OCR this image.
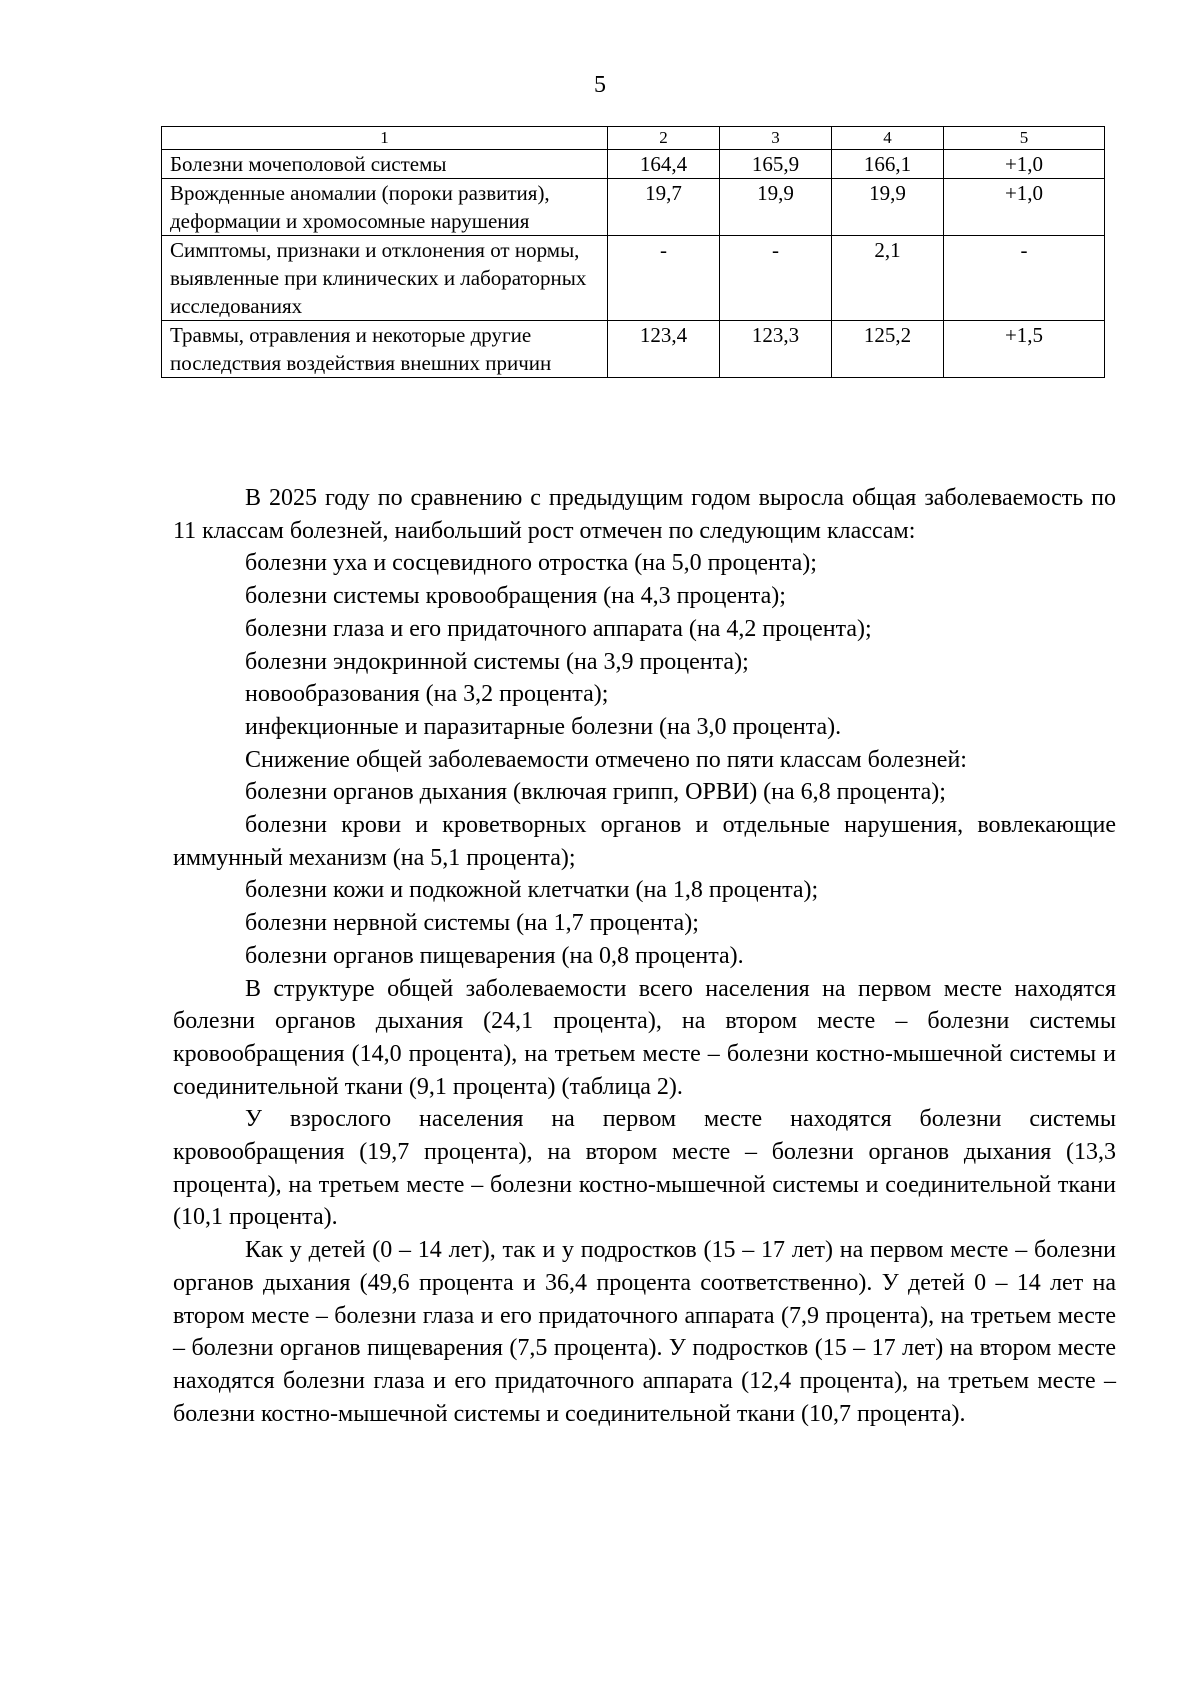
5
1	2	3	4	5
Болезни мочеполовой системы	164,4	165,9	166,1	+1,0
Врожденные аномалии (пороки развития), деформации и хромосомные нарушения	19,7	19,9	19,9	+1,0
Симптомы, признаки и отклонения от нормы, выявленные при клинических и лабораторных исследованиях	-	-	2,1	-
Травмы, отравления и некоторые другие последствия воздействия внешних причин	123,4	123,3	125,2	+1,5

В 2025 году по сравнению с предыдущим годом выросла общая заболеваемость по 11 классам болезней, наибольший рост отмечен по следующим классам:

болезни уха и сосцевидного отростка (на 5,0 процента);

болезни системы кровообращения (на 4,3 процента);

болезни глаза и его придаточного аппарата (на 4,2 процента);

болезни эндокринной системы (на 3,9 процента);

новообразования (на 3,2 процента);

инфекционные и паразитарные болезни (на 3,0 процента).

Снижение общей заболеваемости отмечено по пяти классам болезней:

болезни органов дыхания (включая грипп, ОРВИ) (на 6,8 процента);

болезни крови и кроветворных органов и отдельные нарушения, вовлекающие иммунный механизм (на 5,1 процента);

болезни кожи и подкожной клетчатки (на 1,8 процента);

болезни нервной системы (на 1,7 процента);

болезни органов пищеварения (на 0,8 процента).

В структуре общей заболеваемости всего населения на первом месте находятся болезни органов дыхания (24,1 процента), на втором месте – болезни системы кровообращения (14,0 процента), на третьем месте – болезни костно-мышечной системы и соединительной ткани (9,1 процента) (таблица 2).

У взрослого населения на первом месте находятся болезни системы кровообращения (19,7 процента), на втором месте – болезни органов дыхания (13,3 процента), на третьем месте – болезни костно-мышечной системы и соединительной ткани (10,1 процента).

Как у детей (0 – 14 лет), так и у подростков (15 – 17 лет) на первом месте – болезни органов дыхания (49,6 процента и 36,4 процента соответственно). У детей 0 – 14 лет на втором месте – болезни глаза и его придаточного аппарата (7,9 процента), на третьем месте – болезни органов пищеварения (7,5 процента). У подростков (15 – 17 лет) на втором месте находятся болезни глаза и его придаточного аппарата (12,4 процента), на третьем месте – болезни костно-мышечной системы и соединительной ткани (10,7 процента).
